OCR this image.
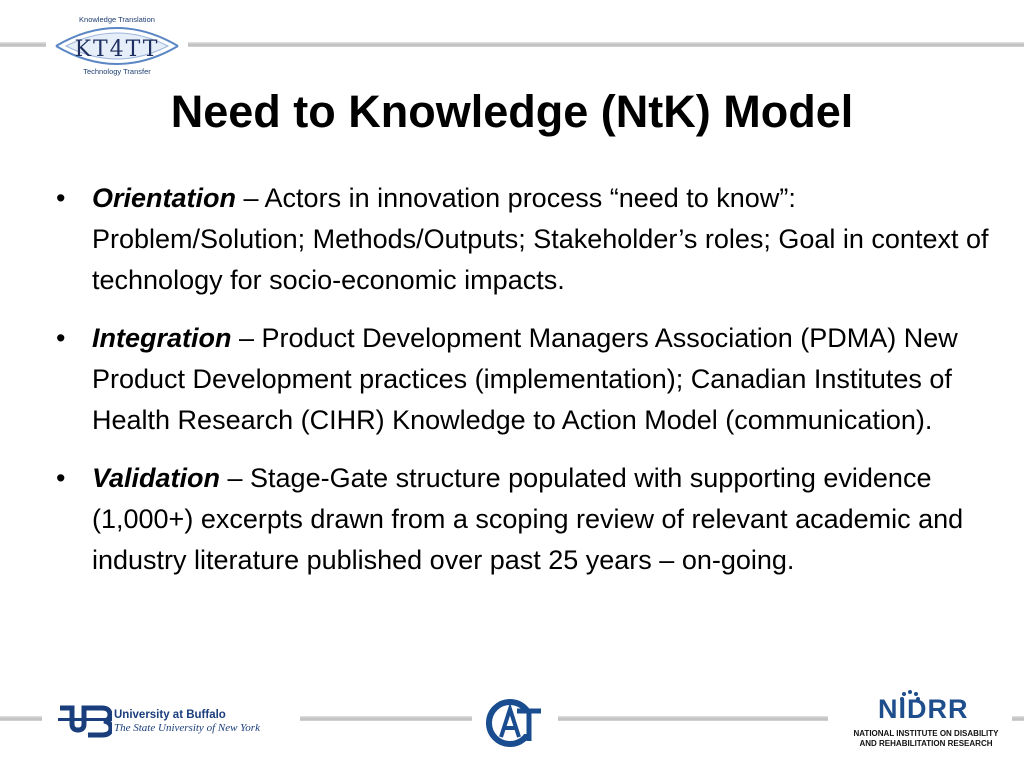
Knowledge Translation
KT4TT
Technology Transfer
Need to Knowledge (NtK) Model
• Orientation – Actors in innovation process “need to know”: Problem/Solution; Methods/Outputs; Stakeholder’s roles; Goal in context of technology for socio-economic impacts.
• Integration – Product Development Managers Association (PDMA) New Product Development practices (implementation); Canadian Institutes of Health Research (CIHR) Knowledge to Action Model (communication).
• Validation – Stage-Gate structure populated with supporting evidence (1,000+) excerpts drawn from a scoping review of relevant academic and industry literature published over past 25 years – on-going.
University at Buffalo
The State University of New York
NIDRR
NATIONAL INSTITUTE ON DISABILITY
AND REHABILITATION RESEARCH
